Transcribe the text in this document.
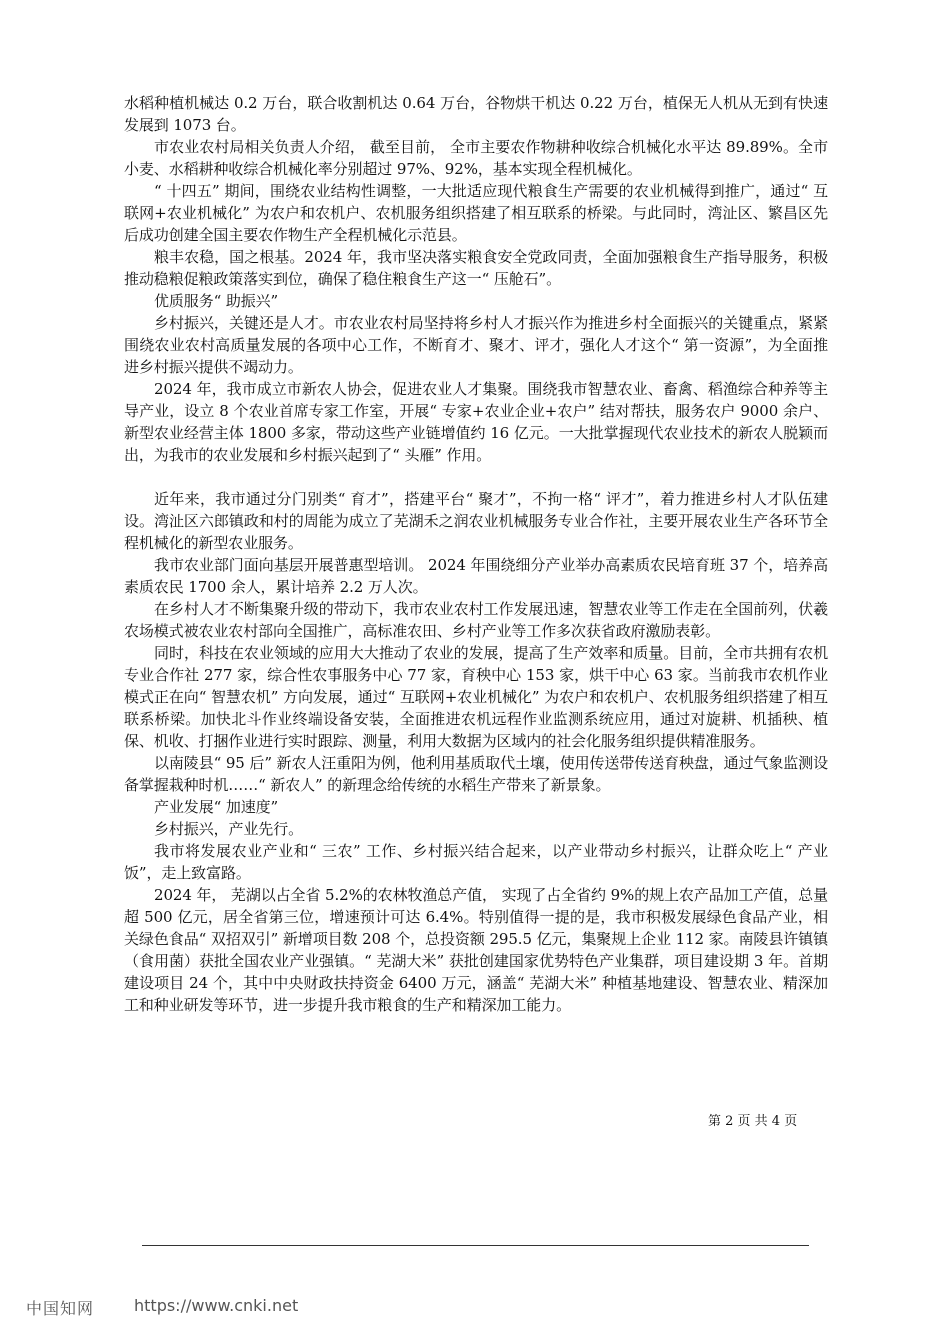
水稻种植机械达 0.2 万台，联合收割机达 0.64 万台，谷物烘干机达 0.22 万台，植保无人机从无到有快速发展到 1073 台。

市农业农村局相关负责人介绍， 截至目前， 全市主要农作物耕种收综合机械化水平达 89.89%。全市小麦、水稻耕种收综合机械化率分别超过 97%、92%，基本实现全程机械化。

“ 十四五” 期间，围绕农业结构性调整，一大批适应现代粮食生产需要的农业机械得到推广，通过“ 互联网+农业机械化” 为农户和农机户、农机服务组织搭建了相互联系的桥梁。与此同时，湾沚区、繁昌区先后成功创建全国主要农作物生产全程机械化示范县。

粮丰农稳，国之根基。2024 年，我市坚决落实粮食安全党政同责，全面加强粮食生产指导服务，积极推动稳粮促粮政策落实到位，确保了稳住粮食生产这一“ 压舱石”。

优质服务“ 助振兴”

乡村振兴，关键还是人才。市农业农村局坚持将乡村人才振兴作为推进乡村全面振兴的关键重点，紧紧围绕农业农村高质量发展的各项中心工作，不断育才、聚才、评才，强化人才这个“ 第一资源”，为全面推进乡村振兴提供不竭动力。

2024 年，我市成立市新农人协会，促进农业人才集聚。围绕我市智慧农业、畜禽、稻渔综合种养等主导产业，设立 8 个农业首席专家工作室，开展“ 专家+农业企业+农户” 结对帮扶，服务农户 9000 余户、新型农业经营主体 1800 多家，带动这些产业链增值约 16 亿元。一大批掌握现代农业技术的新农人脱颖而出，为我市的农业发展和乡村振兴起到了“ 头雁” 作用。

近年来，我市通过分门别类“ 育才”，搭建平台“ 聚才”，不拘一格“ 评才”，着力推进乡村人才队伍建设。湾沚区六郎镇政和村的周能为成立了芜湖禾之润农业机械服务专业合作社，主要开展农业生产各环节全程机械化的新型农业服务。

我市农业部门面向基层开展普惠型培训。 2024 年围绕细分产业举办高素质农民培育班 37 个，培养高素质农民 1700 余人，累计培养 2.2 万人次。

在乡村人才不断集聚升级的带动下，我市农业农村工作发展迅速，智慧农业等工作走在全国前列，伏羲农场模式被农业农村部向全国推广，高标准农田、乡村产业等工作多次获省政府激励表彰。

同时，科技在农业领域的应用大大推动了农业的发展，提高了生产效率和质量。目前，全市共拥有农机专业合作社 277 家，综合性农事服务中心 77 家，育秧中心 153 家，烘干中心 63 家。当前我市农机作业模式正在向“ 智慧农机” 方向发展，通过“ 互联网+农业机械化” 为农户和农机户、农机服务组织搭建了相互联系桥梁。加快北斗作业终端设备安装，全面推进农机远程作业监测系统应用，通过对旋耕、机插秧、植保、机收、打捆作业进行实时跟踪、测量，利用大数据为区域内的社会化服务组织提供精准服务。

以南陵县“ 95 后” 新农人汪重阳为例，他利用基质取代土壤，使用传送带传送育秧盘，通过气象监测设备掌握栽种时机……“ 新农人” 的新理念给传统的水稻生产带来了新景象。

产业发展“ 加速度”

乡村振兴，产业先行。

我市将发展农业产业和“ 三农” 工作、乡村振兴结合起来，以产业带动乡村振兴，让群众吃上“ 产业饭”，走上致富路。

2024 年， 芜湖以占全省 5.2%的农林牧渔总产值， 实现了占全省约 9%的规上农产品加工产值，总量超 500 亿元，居全省第三位，增速预计可达 6.4%。特别值得一提的是，我市积极发展绿色食品产业，相关绿色食品“ 双招双引” 新增项目数 208 个，总投资额 295.5 亿元，集聚规上企业 112 家。南陵县许镇镇（食用菌）获批全国农业产业强镇。“ 芜湖大米” 获批创建国家优势特色产业集群，项目建设期 3 年。首期建设项目 24 个，其中中央财政扶持资金 6400 万元，涵盖“ 芜湖大米” 种植基地建设、智慧农业、精深加工和种业研发等环节，进一步提升我市粮食的生产和精深加工能力。

第 2 页 共 4 页
中国知网 https://www.cnki.net
